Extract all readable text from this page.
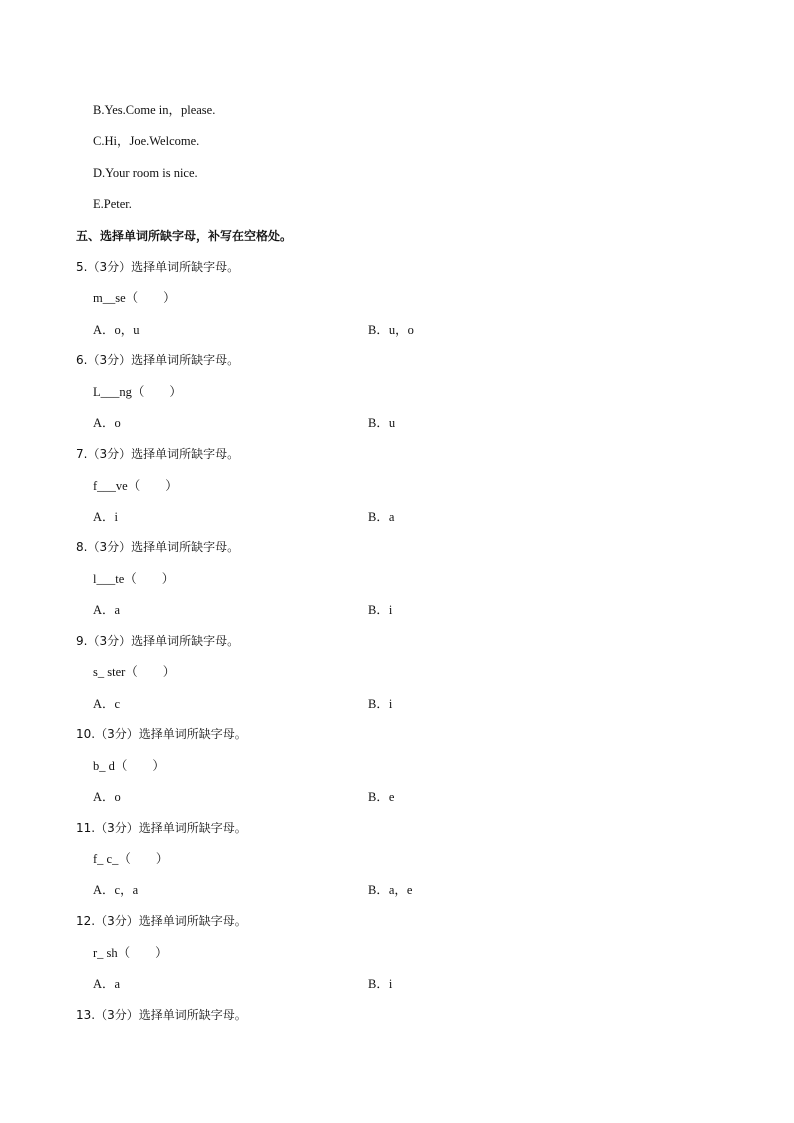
B.Yes.Come in，please.
C.Hi，Joe.Welcome.
D.Your room is nice.
E.Peter.
五、选择单词所缺字母，补写在空格处。
5.（3分）选择单词所缺字母。
m__se（　　）
A．o，u	B．u，o
6.（3分）选择单词所缺字母。
L___ng（　　）
A．o	B．u
7.（3分）选择单词所缺字母。
f___ve（　　）
A．i	B．a
8.（3分）选择单词所缺字母。
l___te（　　）
A．a	B．i
9.（3分）选择单词所缺字母。
s_ ster（　　）
A．c	B．i
10.（3分）选择单词所缺字母。
b_ d（　　）
A．o	B．e
11.（3分）选择单词所缺字母。
f_ c_（　　）
A．c，a	B．a，e
12.（3分）选择单词所缺字母。
r_ sh（　　）
A．a	B．i
13.（3分）选择单词所缺字母。
